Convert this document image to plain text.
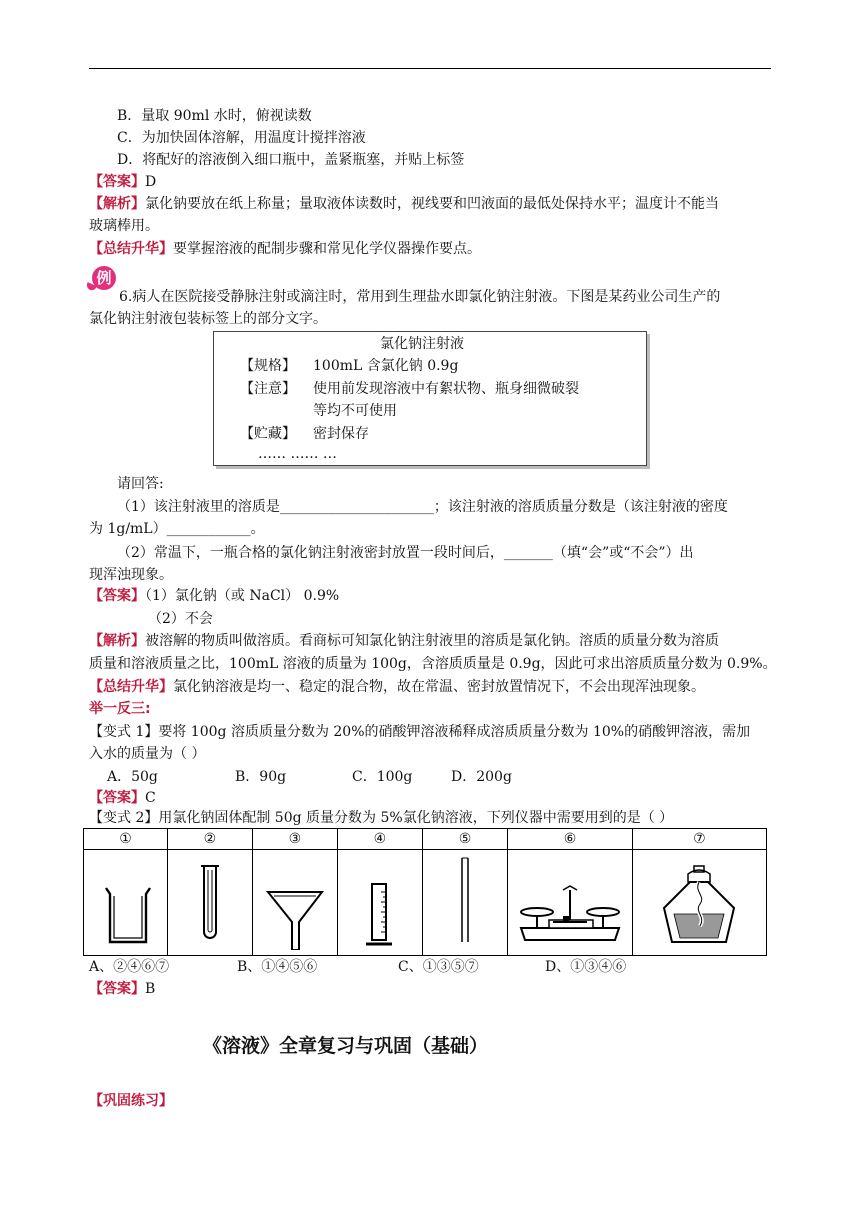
B．量取 90ml 水时，俯视读数
C．为加快固体溶解，用温度计搅拌溶液
D．将配好的溶液倒入细口瓶中，盖紧瓶塞，并贴上标签
【答案】D
【解析】氯化钠要放在纸上称量；量取液体读数时，视线要和凹液面的最低处保持水平；温度计不能当
玻璃棒用。
【总结升华】要掌握溶液的配制步骤和常见化学仪器操作要点。
例
6.病人在医院接受静脉注射或滴注时，常用到生理盐水即氯化钠注射液。下图是某药业公司生产的
氯化钠注射液包装标签上的部分文字。
氯化钠注射液
【规格】 100mL 含氯化钠 0.9g
【注意】 使用前发现溶液中有絮状物、瓶身细微破裂
等均不可使用
【贮藏】 密封保存
…… …… …
请回答:
（1）该注射液里的溶质是______________________；该注射液的溶质质量分数是（该注射液的密度
为 1g/mL）____________。
（2）常温下，一瓶合格的氯化钠注射液密封放置一段时间后，_______（填“会”或“不会”）出
现浑浊现象。
【答案】（1）氯化钠（或 NaCl） 0.9%
（2）不会
【解析】被溶解的物质叫做溶质。看商标可知氯化钠注射液里的溶质是氯化钠。溶质的质量分数为溶质
质量和溶液质量之比，100mL 溶液的质量为 100g，含溶质质量是 0.9g，因此可求出溶质质量分数为 0.9%。
【总结升华】氯化钠溶液是均一、稳定的混合物，故在常温、密封放置情况下，不会出现浑浊现象。
举一反三:
【变式 1】要将 100g 溶质质量分数为 20%的硝酸钾溶液稀释成溶质质量分数为 10%的硝酸钾溶液，需加
入水的质量为（ ）
A．50g	B．90g	C．100g	D．200g
【答案】C
【变式 2】用氯化钠固体配制 50g 质量分数为 5%氯化钠溶液，下列仪器中需要用到的是（ ）
①	②	③	④	⑤	⑥	⑦

A、②④⑥⑦	B、①④⑤⑥	C、①③⑤⑦	D、①③④⑥
【答案】B
《溶液》全章复习与巩固（基础）
【巩固练习】
